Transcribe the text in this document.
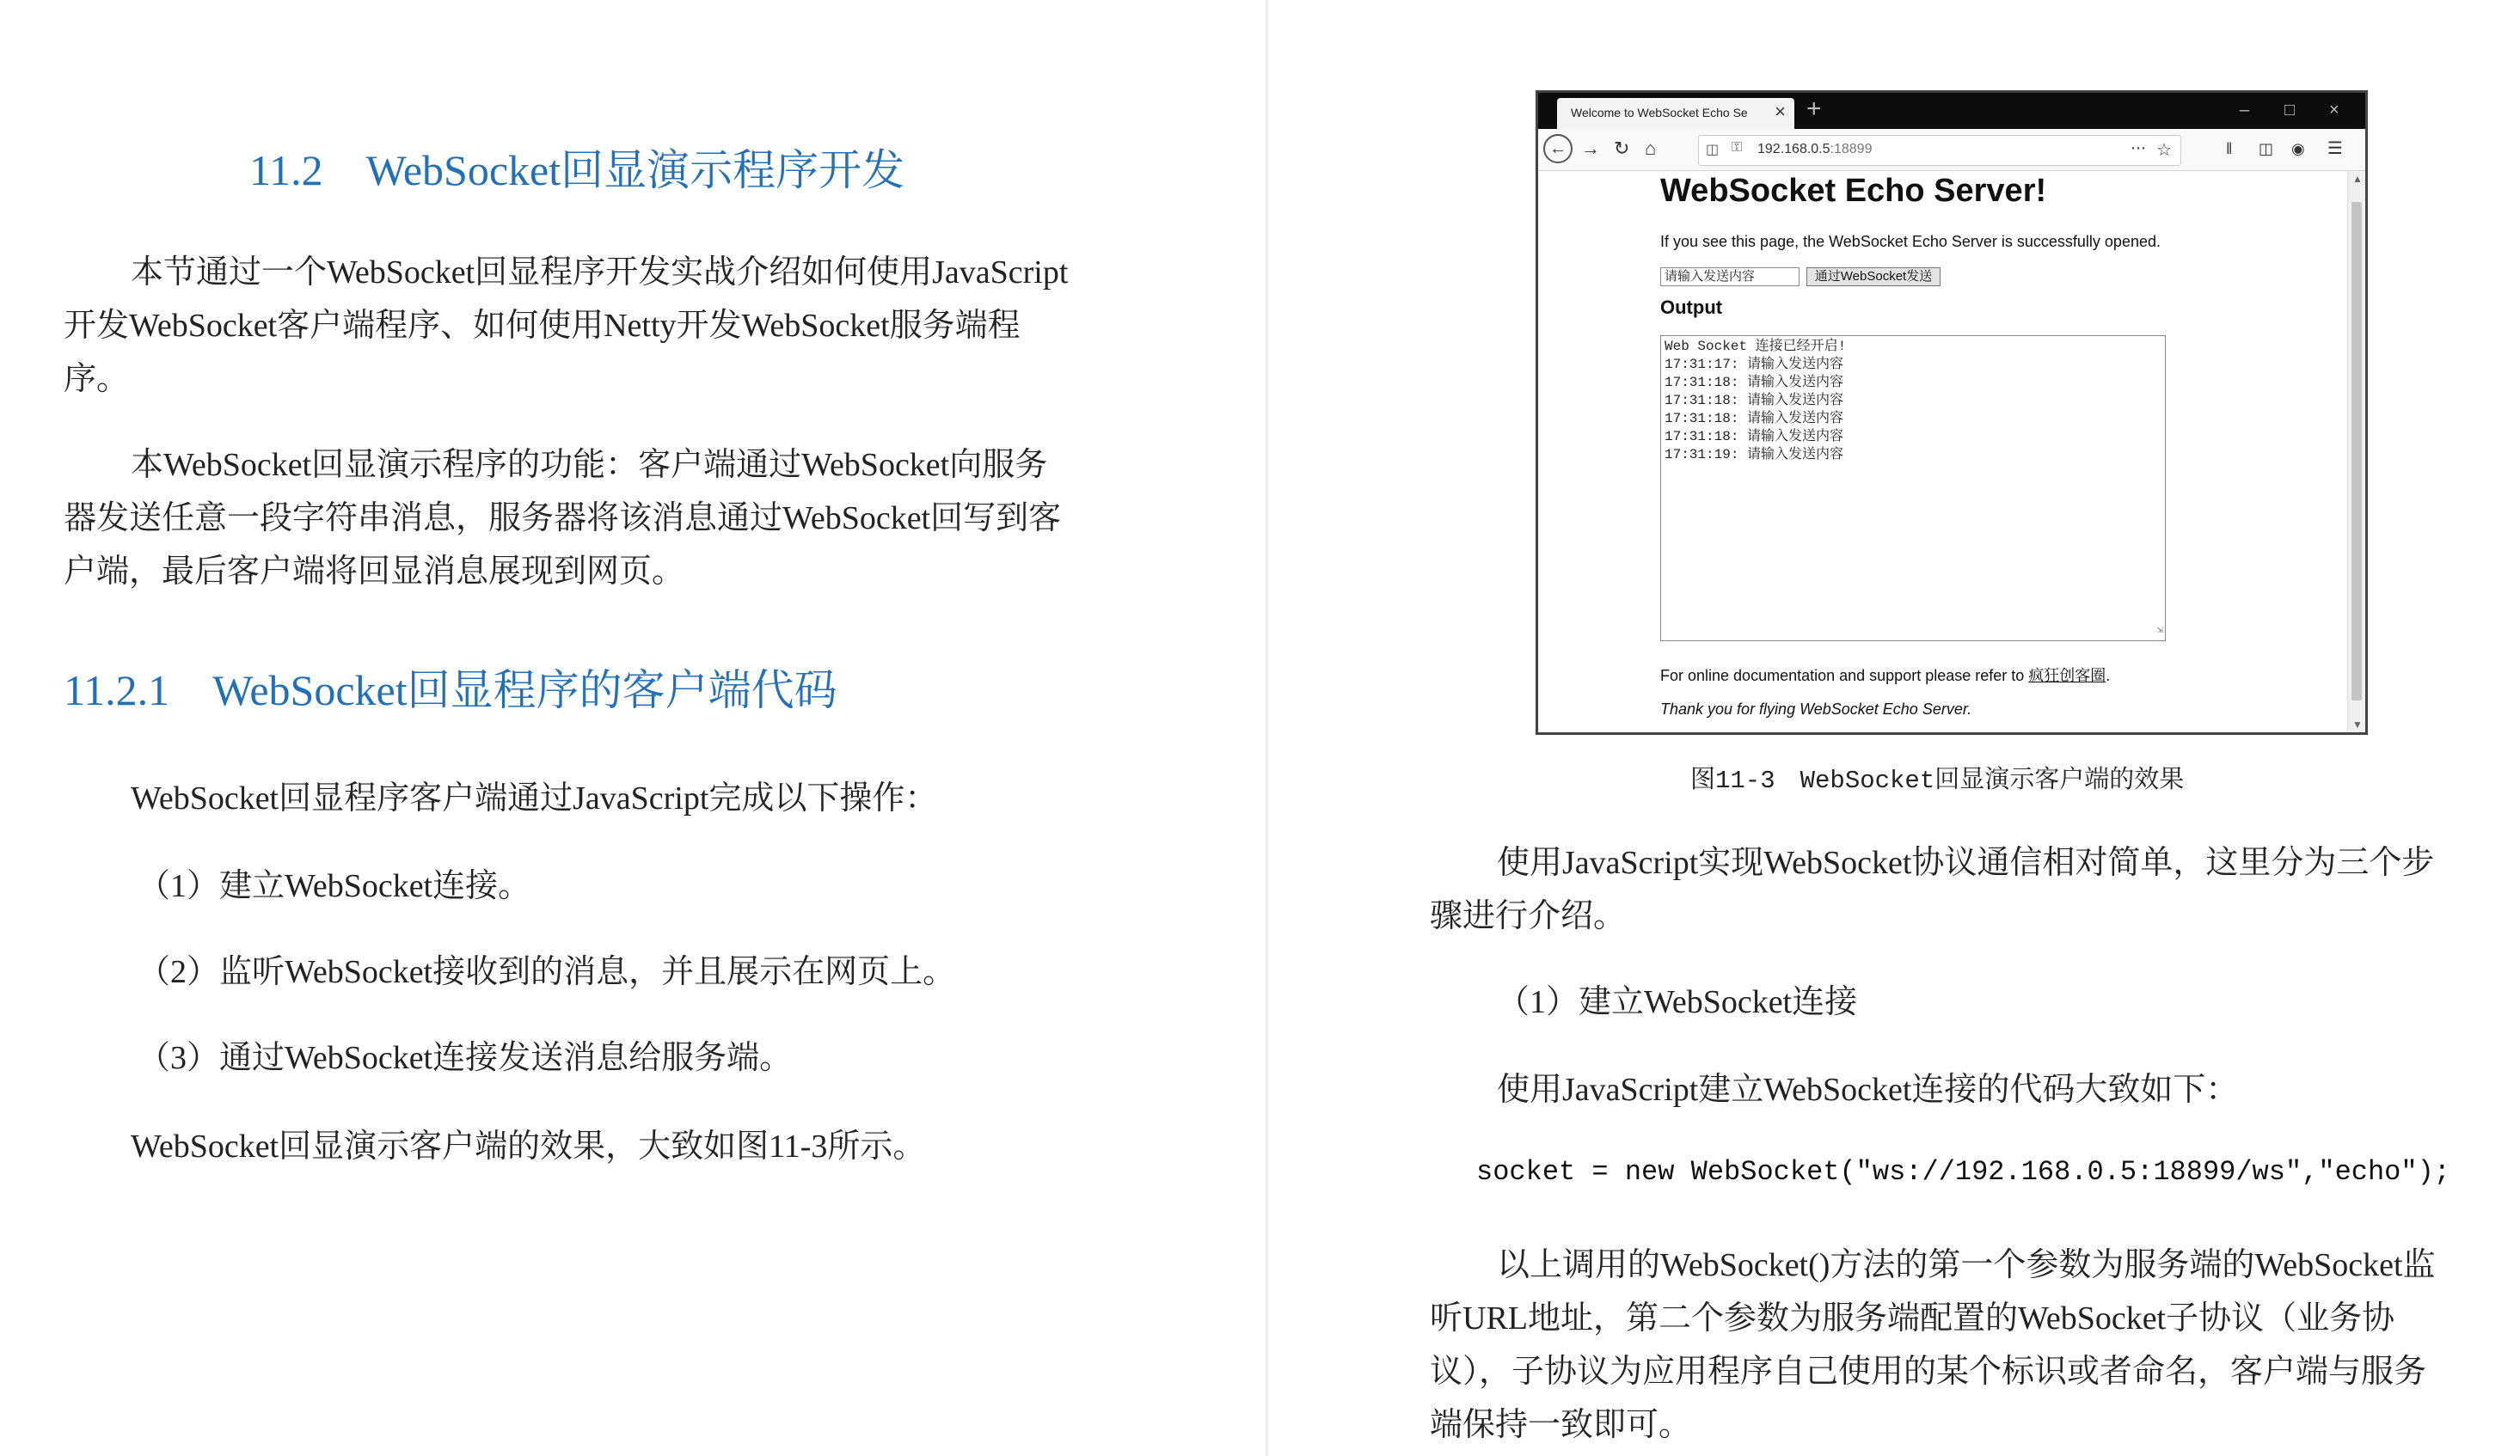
11.2　WebSocket回显演示程序开发
本节通过一个WebSocket回显程序开发实战介绍如何使用JavaScript
开发WebSocket客户端程序、如何使用Netty开发WebSocket服务端程
序。
本WebSocket回显演示程序的功能：客户端通过WebSocket向服务
器发送任意一段字符串消息，服务器将该消息通过WebSocket回写到客
户端，最后客户端将回显消息展现到网页。
11.2.1　WebSocket回显程序的客户端代码
WebSocket回显程序客户端通过JavaScript完成以下操作：
（1）建立WebSocket连接。
（2）监听WebSocket接收到的消息，并且展示在网页上。
（3）通过WebSocket连接发送消息给服务端。
WebSocket回显演示客户端的效果，大致如图11-3所示。
Welcome to WebSocket Echo Se	× +	– □ ×
← → ↻ ⌂	◫ ⚿ 192.168.0.5:18899	⋯ ☆	‖ ◫ ◉ ☰
WebSocket Echo Server!
If you see this page, the WebSocket Echo Server is successfully opened.
请输入发送内容	通过WebSocket发送
Output
Web Socket 连接已经开启!
17:31:17: 请输入发送内容
17:31:18: 请输入发送内容
17:31:18: 请输入发送内容
17:31:18: 请输入发送内容
17:31:18: 请输入发送内容
17:31:19: 请输入发送内容
⇲
For online documentation and support please refer to 疯狂创客圈.
Thank you for flying WebSocket Echo Server.
▲
▼
图11-3　WebSocket回显演示客户端的效果
使用JavaScript实现WebSocket协议通信相对简单，这里分为三个步
骤进行介绍。
（1）建立WebSocket连接
使用JavaScript建立WebSocket连接的代码大致如下：
socket = new WebSocket("ws://192.168.0.5:18899/ws","echo");
以上调用的WebSocket()方法的第一个参数为服务端的WebSocket监
听URL地址，第二个参数为服务端配置的WebSocket子协议（业务协
议），子协议为应用程序自己使用的某个标识或者命名，客户端与服务
端保持一致即可。
